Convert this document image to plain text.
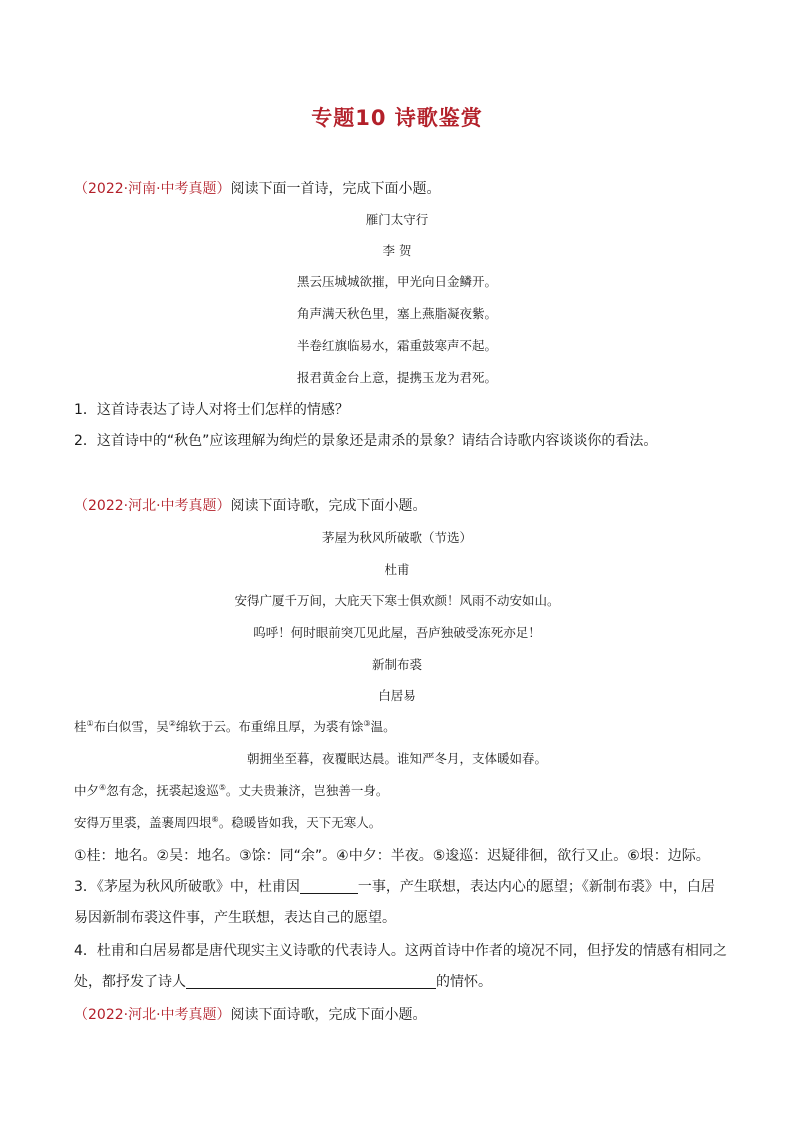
专题10 诗歌鉴赏
（2022·河南·中考真题）阅读下面一首诗，完成下面小题。
雁门太守行
李 贺
黑云压城城欲摧，甲光向日金鳞开。
角声满天秋色里，塞上燕脂凝夜紫。
半卷红旗临易水，霜重鼓寒声不起。
报君黄金台上意，提携玉龙为君死。
1．这首诗表达了诗人对将士们怎样的情感？
2．这首诗中的“秋色”应该理解为绚烂的景象还是肃杀的景象？请结合诗歌内容谈谈你的看法。
（2022·河北·中考真题）阅读下面诗歌，完成下面小题。
茅屋为秋风所破歌（节选）
杜甫
安得广厦千万间，大庇天下寒士俱欢颜！风雨不动安如山。
呜呼！何时眼前突兀见此屋，吾庐独破受冻死亦足！
新制布裘
白居易
桂①布白似雪，吴②绵软于云。布重绵且厚，为裘有馀③温。
朝拥坐至暮，夜覆眠达晨。谁知严冬月，支体暖如春。
中夕④忽有念，抚裘起逡巡⑤。丈夫贵兼济，岂独善一身。
安得万里裘，盖裹周四垠⑥。稳暖皆如我，天下无寒人。
①桂：地名。②吴：地名。③馀：同“余”。④中夕：半夜。⑤逡巡：迟疑徘徊，欲行又止。⑥垠：边际。
3．《茅屋为秋风所破歌》中，杜甫因	一事，产生联想，表达内心的愿望；《新制布裘》中，白居
易因新制布裘这件事，产生联想，表达自己的愿望。
4．杜甫和白居易都是唐代现实主义诗歌的代表诗人。这两首诗中作者的境况不同，但抒发的情感有相同之
处，都抒发了诗人	的情怀。
（2022·河北·中考真题）阅读下面诗歌，完成下面小题。
